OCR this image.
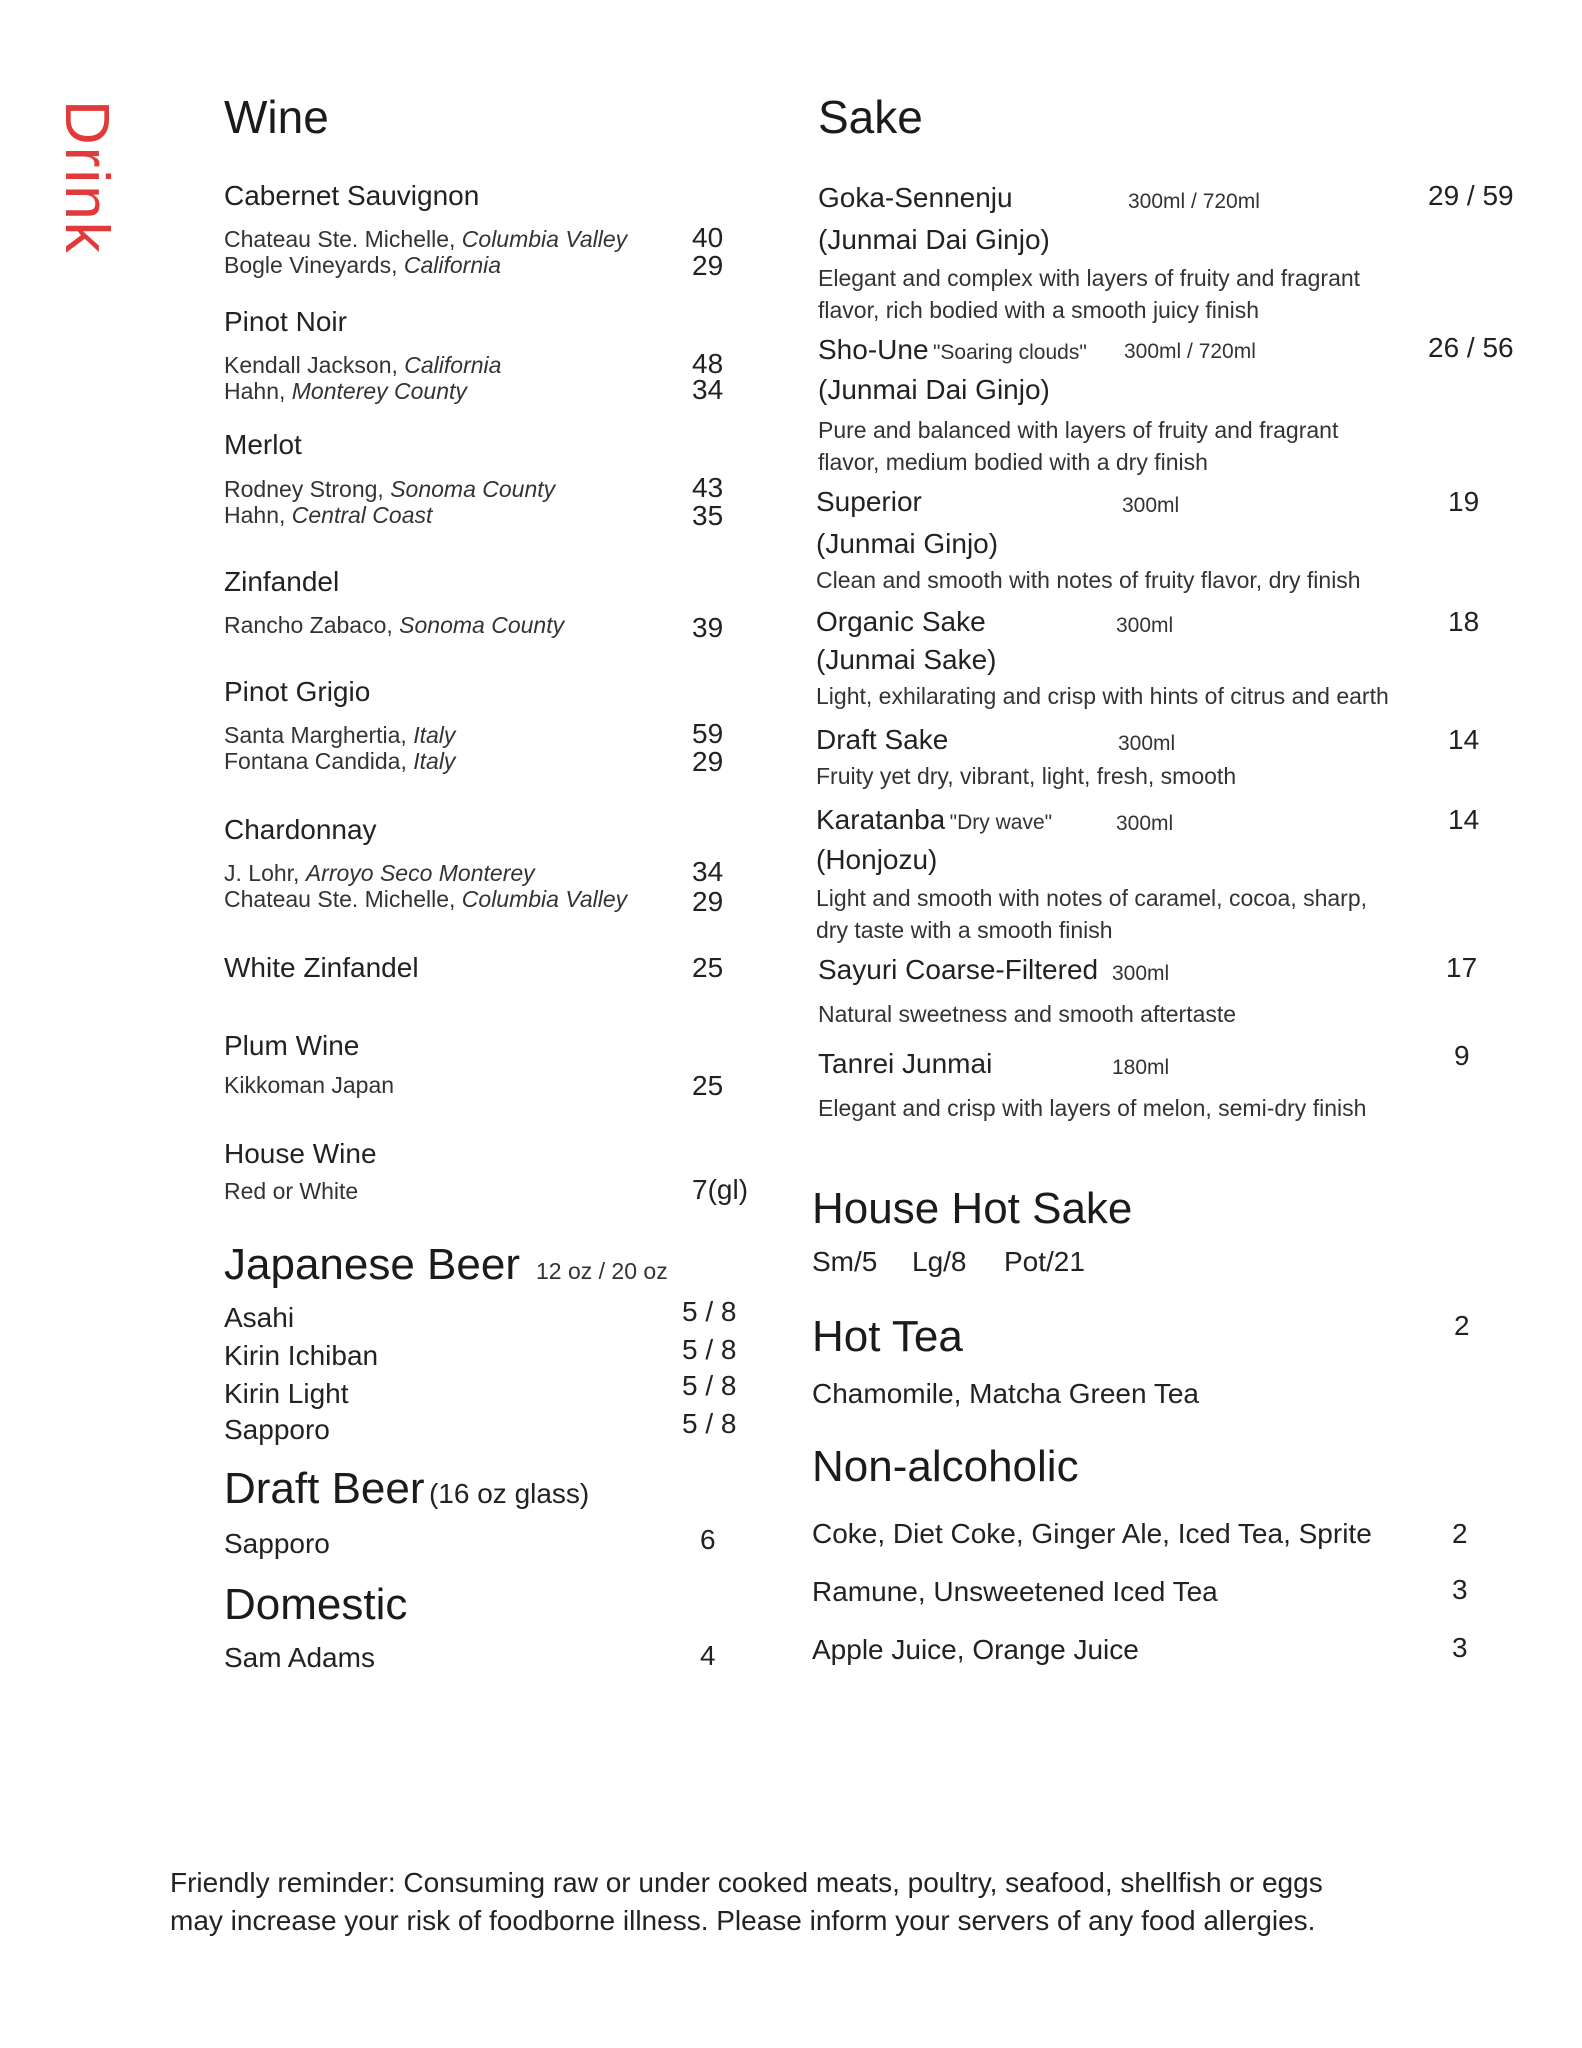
Drink Wine
Cabernet Sauvignon
Chateau Ste. Michelle, Columbia Valley 40
Bogle Vineyards, California	29
Pinot Noir
Kendall Jackson, California	48
Hahn, Monterey County	34
Merlot
Rodney Strong, Sonoma County	43
Hahn, Central Coast	35
Zinfandel
Rancho Zabaco, Sonoma County	39
Pinot Grigio
Santa Marghertia, Italy	59
Fontana Candida, Italy	29
Chardonnay
J. Lohr, Arroyo Seco Monterey	34
Chateau Ste. Michelle, Columbia Valley 29
White Zinfandel	25
Plum Wine
Kikkoman Japan	25
House Wine
Red or White	7(gl)
Japanese Beer 12 oz / 20 oz
Asahi	5 / 8
Kirin Ichiban	5 / 8
Kirin Light	5 / 8
Sapporo	5 / 8
Draft Beer (16 oz glass)
Sapporo	6
Domestic
Sam Adams	4
Sake
Goka-Sennenju	300ml / 720ml	29 / 59
(Junmai Dai Ginjo)
Elegant and complex with layers of fruity and fragrant
flavor, rich bodied with a smooth juicy finish
Sho-Une "Soaring clouds" 300ml / 720ml	26 / 56
(Junmai Dai Ginjo)
Pure and balanced with layers of fruity and fragrant
flavor, medium bodied with a dry finish
Superior	300ml	19
(Junmai Ginjo)
Clean and smooth with notes of fruity flavor, dry finish
Organic Sake	300ml	18
(Junmai Sake)
Light, exhilarating and crisp with hints of citrus and earth
Draft Sake	300ml	14
Fruity yet dry, vibrant, light, fresh, smooth
Karatanba "Dry wave"	300ml	14
(Honjozu)
Light and smooth with notes of caramel, cocoa, sharp,
dry taste with a smooth finish
Sayuri Coarse-Filtered 300ml	17
Natural sweetness and smooth aftertaste
Tanrei Junmai	180ml	9
Elegant and crisp with layers of melon, semi-dry finish
House Hot Sake
Sm/5 Lg/8 Pot/21
Hot Tea	2
Chamomile, Matcha Green Tea
Non-alcoholic
Coke, Diet Coke, Ginger Ale, Iced Tea, Sprite	2
Ramune, Unsweetened Iced Tea	3
Apple Juice, Orange Juice	3
Friendly reminder: Consuming raw or under cooked meats, poultry, seafood, shellfish or eggs
may increase your risk of foodborne illness. Please inform your servers of any food allergies.
